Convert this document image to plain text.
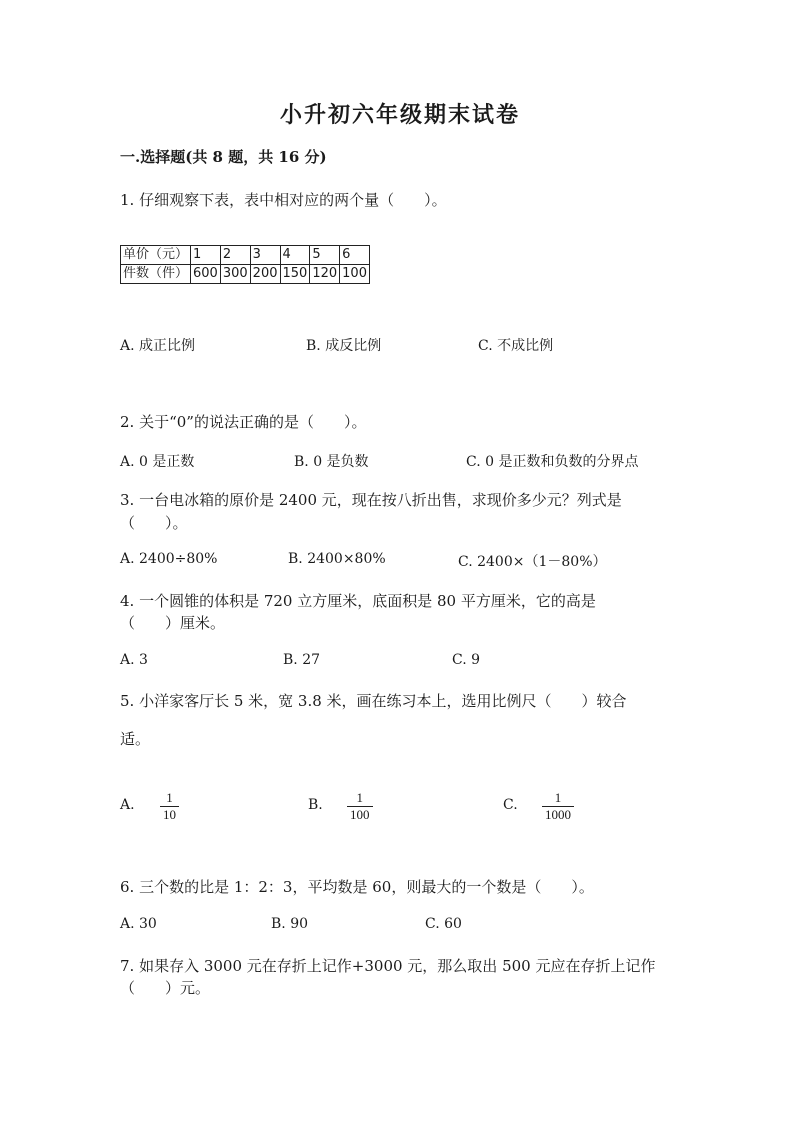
小升初六年级期末试卷
一.选择题(共 8 题，共 16 分)
1. 仔细观察下表，表中相对应的两个量（　　）。
单价（元）	1	2	3	4	5	6
件数（件）	600	300	200	150	120	100
A. 成正比例	B. 成反比例	C. 不成比例
2. 关于“0”的说法正确的是（　　）。
A. 0 是正数	B. 0 是负数	C. 0 是正数和负数的分界点
3. 一台电冰箱的原价是 2400 元，现在按八折出售，求现价多少元？列式是
（　　）。
A. 2400÷80%	B. 2400×80%	C. 2400×（1－80%）
4. 一个圆锥的体积是 720 立方厘米，底面积是 80 平方厘米，它的高是
（　　）厘米。
A. 3	B. 27	C. 9
5. 小洋家客厅长 5 米，宽 3.8 米，画在练习本上，选用比例尺（　　）较合
适。
A. $\frac{1}{10}$	B. $\frac{1}{100}$	C. $\frac{1}{1000}$
6. 三个数的比是 1：2：3，平均数是 60，则最大的一个数是（　　）。
A. 30	B. 90	C. 60
7. 如果存入 3000 元在存折上记作+3000 元，那么取出 500 元应在存折上记作
（　　）元。
